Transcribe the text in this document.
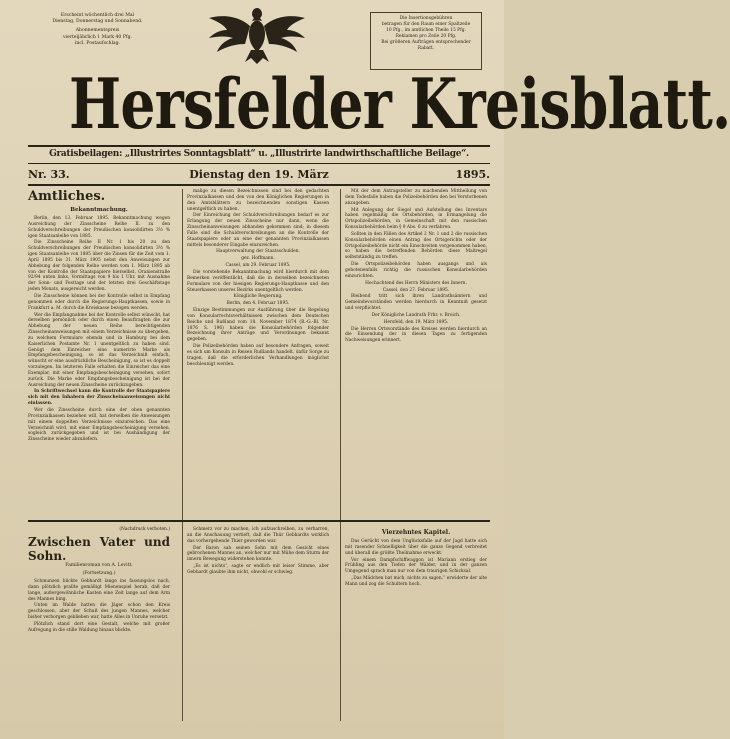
Erscheint wöchentlich drei Mal
Dienstag, Donnerstag und Sonnabend.
Abonnementspreis
vierteljährlich 1 Mark 40 Pfg.
incl. Postaufschlag.
Die Insertionsgebühren
betragen für den Raum einer Spaltzeile
10 Pfg., im amtlichen Theile 15 Pfg.
Reklamen pro Zeile 20 Pfg.
Bei größeren Aufträgen entsprechender
Rabatt.
Hersfelder Kreisblatt.
Gratisbeilagen: „Illustrirtes Sonntagsblatt“ u. „Illustrirte landwirthschaftliche Beilage“.
Nr. 33.	Dienstag den 19. März	1895.
Amtliches.
Bekanntmachung.

Berlin, den 13. Februar 1895. Bekanntmachung wegen Ausreichung der Zinsscheine Reihe II. zu den Schuldverschreibungen der Preußischen konsolidirten 3½ % igen Staatsanleihe von 1885.

Die Zinsscheine Reihe II Nr. 1 bis 20 zu den Schuldverschreibungen der Preußischen konsolidirten 3½ % igen Staatsanleihe von 1885 über die Zinsen für die Zeit vom 1. April 1895 bis 31. März 1905 nebst den Anweisungen zur Abhebung der folgenden Reihe werden vom 1. März 1895 ab von der Kontrolle der Staatspapiere hierselbst, Oranienstraße 92/94 unten links, Vormittags von 9 bis 1 Uhr, mit Ausnahme der Sonn- und Festtage und der letzten drei Geschäftstage jeden Monats, ausgereicht werden.

Die Zinsscheine können bei der Kontrolle selbst in Empfang genommen oder durch die Regierungs-Hauptkassen, sowie in Frankfurt a. M. durch die Kreiskasse bezogen werden.

Wer die Empfangnahme bei der Kontrolle selbst wünscht, hat derselben persönlich oder durch einen Beauftragten die zur Abhebung der neuen Reihe berechtigenden Zinsscheinanweisungen mit einem Verzeichnisse zu übergeben, zu welchem Formulare ebenda und in Hamburg bei dem Kaiserlichen Postamte Nr. 1 unentgeltlich zu haben sind. Genügt dem Einreicher eine numerirte Marke als Empfangsbescheinigung, so ist das Verzeichniß einfach, wünscht er eine ausdrückliche Bescheinigung, so ist es doppelt vorzulegen. Im letzteren Falle erhalten die Einreicher das eine Exemplar, mit einer Empfangsbescheinigung versehen, sofort zurück. Die Marke oder Empfangsbescheinigung ist bei der Ausreichung der neuen Zinsscheine zurückzugeben.

In Schriftwechsel kann die Kontrolle der Staatspapiere sich mit den Inhabern der Zinsscheinanweisungen nicht einlassen.

Wer die Zinsscheine durch eine der oben genannten Provinzialkassen beziehen will, hat derselben die Anweisungen mit einem doppelten Verzeichnisse einzureichen. Das eine Verzeichniß wird, mit einer Empfangsbescheinigung versehen, sogleich zurückgegeben und ist bei Aushändigung der Zinsscheine wieder abzuliefern.

malige zu diesen Bezeichnissen sind bei den gedachten Provinzialkassen und den von den Königlichen Regierungen in den Amtsblättern zu bezeichnenden sonstigen Kassen unentgeltlich zu haben.

Der Einreichung der Schuldverschreibungen bedarf es zur Erlangung der neuen Zinsscheine nur dann, wenn die Zinsscheinanweisungen abhanden gekommen sind; in diesem Falle sind die Schuldverschreibungen an die Kontrolle der Staatspapiere oder an eine der genannten Provinzialkassen mittels besonderer Eingabe einzureichen.

Hauptverwaltung der Staatsschulden.

gez. Hoffmann.

Cassel, am 29. Februar 1895.

Die vorstehende Bekanntmachung wird hierdurch mit dem Bemerken veröffentlicht, daß die in derselben bezeichneten Formulare von der hiesigen Regierungs-Hauptkasse und den Steuerkassen unseres Bezirks unentgeltlich werden.

Königliche Regierung.

Berlin, den 4. Februar 1895.

Einzige Bestimmungen zur Ausführung über die Regelung von Konsularrechtsverhältnissen zwischen dem Deutschen Reiche und Rußland vom 18. November 1874 (R.-G.-Bl. Nr. 1876 S. 196) haben die Konsularbehörden folgender Bezeichnung ihrer Anträge und Verordnungen bekannt gegeben.

Die Polizeibehörden haben auf besondere Anfragen, soweit es sich um Konsuln in Reisen Rußlands handelt, dafür Sorge zu tragen, daß die erforderlichen Verhandlungen möglichst beschleunigt werden.

Mit der dem Antragsteller zu machenden Mittheilung von dem Todesfalle haben die Polizeibehörden den bei Verstorbenen anzugeben.

Mit Anlegung der Siegel und Aufstellung des Inventars haben regelmäßig die Ortsbehörden, in Ermangelung die Ortspolizeibehörden, in Gemeinschaft mit den russischen Konsularbehörden beim § 9 Abs. 6 zu verfahren.

Sollten in den Fällen des Artikel 2 Nr. 1 und 2 die russischen Konsularbehörden einen Antrag des Ortsgerichts oder der Ortspolizeibehörde nicht ein Einschreiten vorgenommen haben, so haben die betreffenden Behörden diese Maßregel selbstständig zu treffen.

Die Ortspolizeibehörden haben ausgangs und als gebotenenfalls richtig die russischen Konsularbehörden einzurichten.

Hochachtend des Herrn Ministers des Innern.

Cassel, den 27. Februar 1895.

Bleibend tritt sich ihren Landrathsämtern und Gemeindevorständen werden hierdurch in Kenntniß gesetzt und verpflichtet.

Der Königliche Landrath Frhr. v. Broich.

Hersfeld, den 19. März 1895.

Die Herren Ortsvorstände des Kreises werden hierdurch an die Einsendung der in diesen Tagen zu fertigenden Nachweisungen erinnert.

(Nachdruck verboten.)
Zwischen Vater und Sohn.
Familienroman von A. Levitt.
(Fortsetzung.)

Schmunzen blickte Gebhardt lange ins fassungslos nach, dann plötzlich prallte gemäßigt Mienenspiel herab, daß der lange, außergewöhnliche Kasten eine Zeit lange auf dem Arm des Mannes hing.

Unten im Walde hatten die Jäger schon den Kreis geschlossen, aber der Schuß des jungen Mannes, welcher bisher verborgen geblieben war, hatte Alles in Unruhe versetzt.

Plötzlich stand dort eine Gestalt, welche mit großer Aufregung in die stille Waldung hinaus blickte.

Schmerz vor zu machen, ich aufzuschreiben, zu verharren, an die Anschauung vertieft, daß die Thür Gebhardts wirklich das vorhergehende Thier geworden war.

Der Baron sah seinen Sohn mit dem Gesicht eines gebrochenen Mannes an, welcher nur mit Mühe dem Sturm der innern Bewegung widerstehen konnte.

„Es ist nichts“, sagte er endlich mit leiser Stimme, aber Gebhardt glaubte ihm nicht, obwohl er schwieg.

Vierzehntes Kapitel.

Das Gerücht von dem Unglücksfalle auf der Jagd hatte sich mit rasender Schnelligkeit über die ganze Gegend verbreitet und überall die größte Theilnahme erweckt.

Vor einem Dampfschiffwaggon ist Mariann erstieg der Frühling aus den Tiefen der Wälder, und in der ganzen Umgegend sprach man nur von dem traurigen Schicksal.

„Das Mädchen bat mich, nichts zu sagen,“ erwiderte der alte Mann und zog die Schultern hoch.
